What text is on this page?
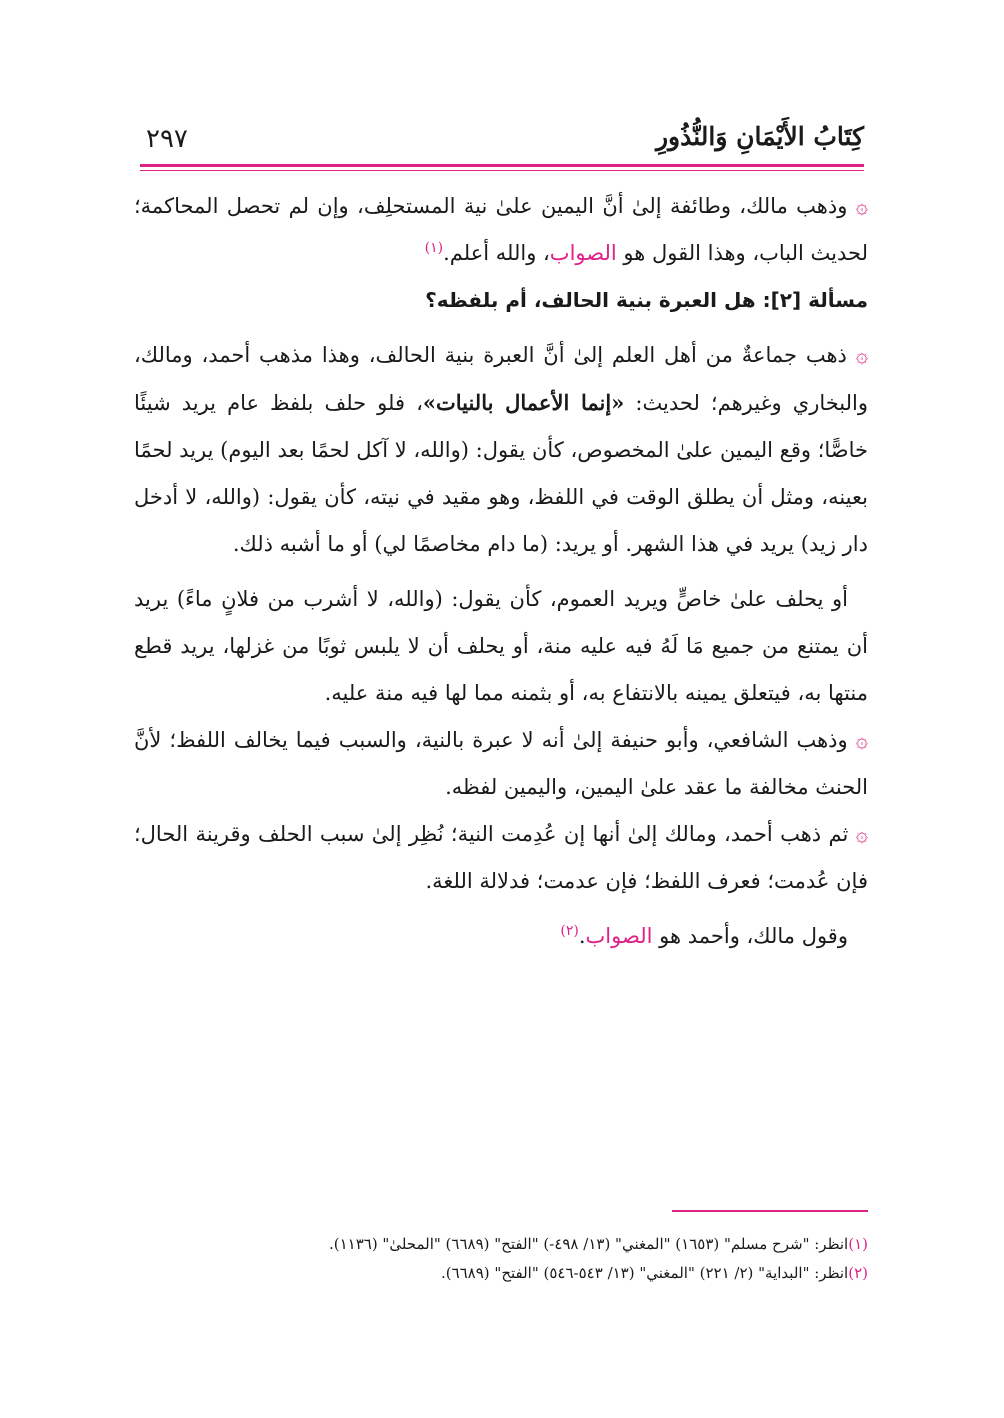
٢٩٧	كِتَابُ الأَيْمَانِ وَالنُّذُورِ

۞ وذهب مالك، وطائفة إلىٰ أنَّ اليمين علىٰ نية المستحلِف، وإن لم تحصل المحاكمة؛ لحديث الباب، وهذا القول هو الصواب، والله أعلم.$^{(١)}$

مسألة [٢]: هل العبرة بنية الحالف، أم بلفظه؟

۞ ذهب جماعةٌ من أهل العلم إلىٰ أنَّ العبرة بنية الحالف، وهذا مذهب أحمد، ومالك، والبخاري وغيرهم؛ لحديث: «إنما الأعمال بالنيات»، فلو حلف بلفظ عام يريد شيئًا خاصًّا؛ وقع اليمين علىٰ المخصوص، كأن يقول: (والله، لا آكل لحمًا بعد اليوم) يريد لحمًا بعينه، ومثل أن يطلق الوقت في اللفظ، وهو مقيد في نيته، كأن يقول: (والله، لا أدخل دار زيد) يريد في هذا الشهر. أو يريد: (ما دام مخاصمًا لي) أو ما أشبه ذلك.

أو يحلف علىٰ خاصٍّ ويريد العموم، كأن يقول: (والله، لا أشرب من فلانٍ ماءً) يريد أن يمتنع من جميع مَا لَهُ فيه عليه منة، أو يحلف أن لا يلبس ثوبًا من غزلها، يريد قطع منتها به، فيتعلق يمينه بالانتفاع به، أو بثمنه مما لها فيه منة عليه.

۞ وذهب الشافعي، وأبو حنيفة إلىٰ أنه لا عبرة بالنية، والسبب فيما يخالف اللفظ؛ لأنَّ الحنث مخالفة ما عقد علىٰ اليمين، واليمين لفظه.

۞ ثم ذهب أحمد، ومالك إلىٰ أنها إن عُدِمت النية؛ نُظِر إلىٰ سبب الحلف وقرينة الحال؛ فإن عُدمت؛ فعرف اللفظ؛ فإن عدمت؛ فدلالة اللغة.

وقول مالك، وأحمد هو الصواب.$^{(٢)}$

(١)انظر: "شرح مسلم" (١٦٥٣) "المغني" (١٣/ ٤٩٨-) "الفتح" (٦٦٨٩) "المحلىٰ" (١١٣٦).
(٢)انظر: "البداية" (٢/ ٢٢١) "المغني" (١٣/ ٥٤٣-٥٤٦) "الفتح" (٦٦٨٩).
